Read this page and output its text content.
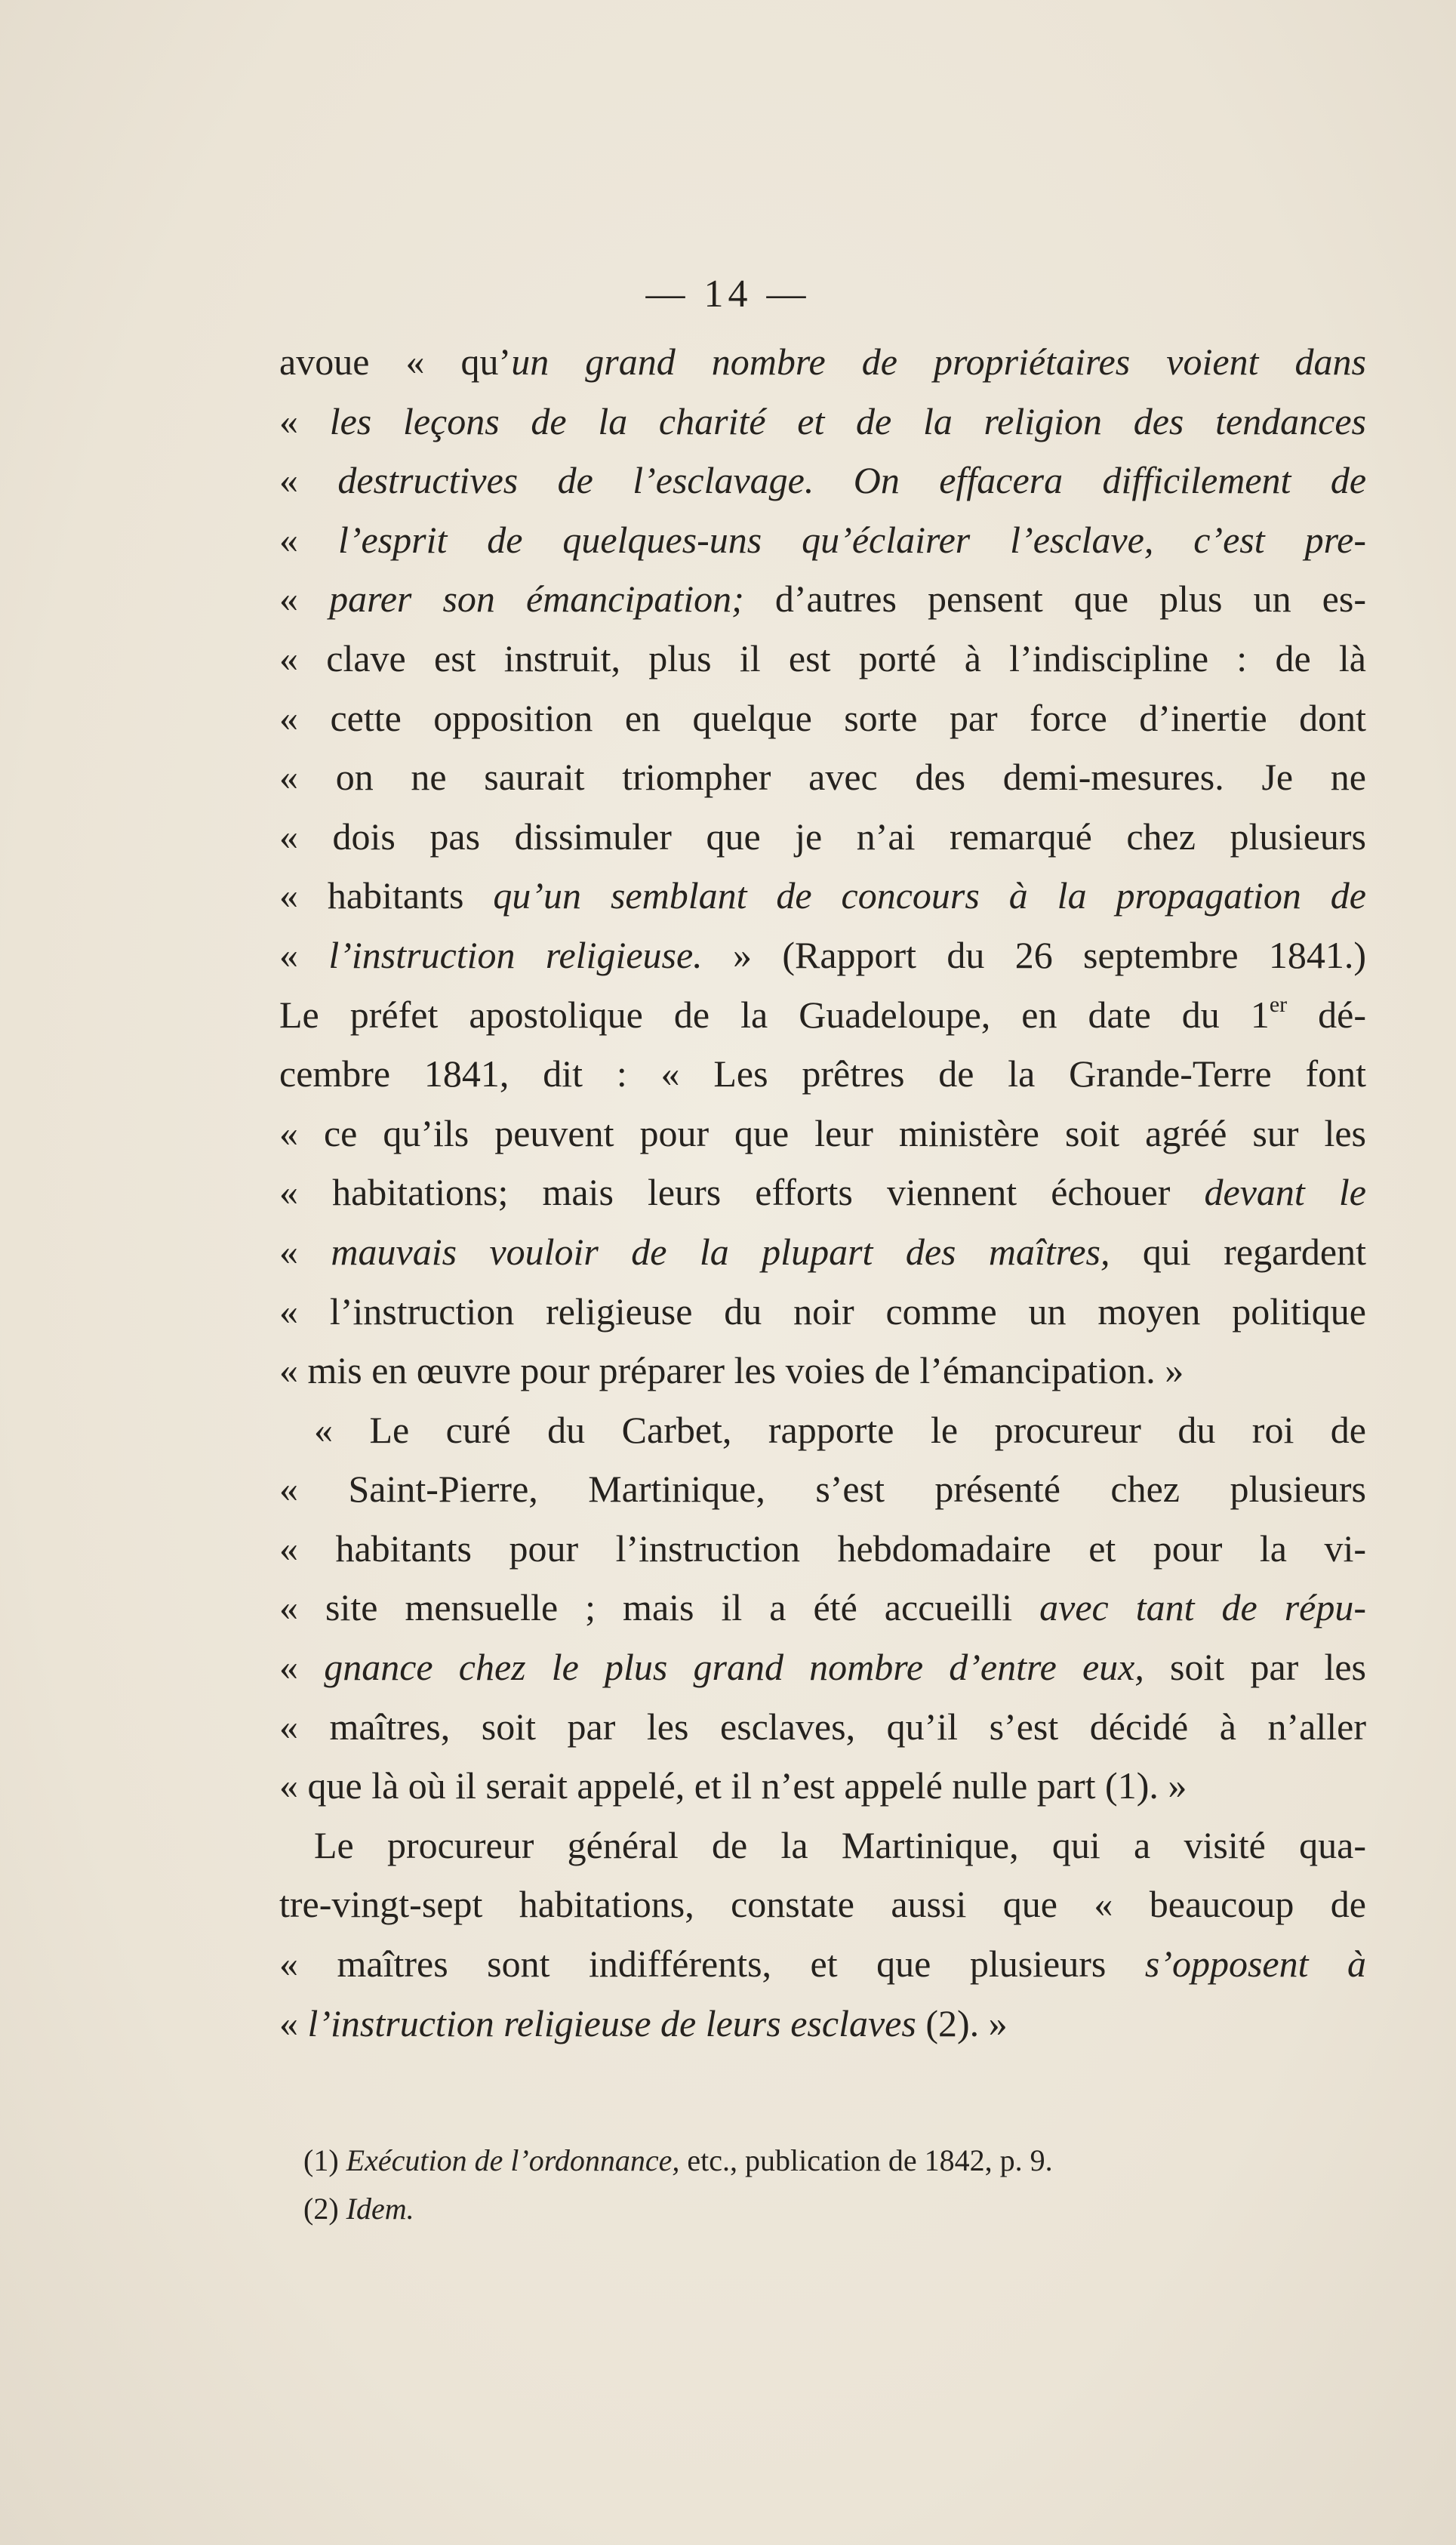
— 14 —
avoue « qu’un grand nombre de propriétaires voient dans
« les leçons de la charité et de la religion des tendances
« destructives de l’esclavage. On effacera difficilement de
« l’esprit de quelques-uns qu’éclairer l’esclave, c’est pre-
« parer son émancipation; d’autres pensent que plus un es-
« clave est instruit, plus il est porté à l’indiscipline : de là
« cette opposition en quelque sorte par force d’inertie dont
« on ne saurait triompher avec des demi-mesures. Je ne
« dois pas dissimuler que je n’ai remarqué chez plusieurs
« habitants qu’un semblant de concours à la propagation de
« l’instruction religieuse. » (Rapport du 26 septembre 1841.)
Le préfet apostolique de la Guadeloupe, en date du 1er dé-
cembre 1841, dit : « Les prêtres de la Grande-Terre font
« ce qu’ils peuvent pour que leur ministère soit agréé sur les
« habitations; mais leurs efforts viennent échouer devant le
« mauvais vouloir de la plupart des maîtres, qui regardent
« l’instruction religieuse du noir comme un moyen politique
« mis en œuvre pour préparer les voies de l’émancipation. »
« Le curé du Carbet, rapporte le procureur du roi de
« Saint-Pierre, Martinique, s’est présenté chez plusieurs
« habitants pour l’instruction hebdomadaire et pour la vi-
« site mensuelle ; mais il a été accueilli avec tant de répu-
« gnance chez le plus grand nombre d’entre eux, soit par les
« maîtres, soit par les esclaves, qu’il s’est décidé à n’aller
« que là où il serait appelé, et il n’est appelé nulle part (1). »
Le procureur général de la Martinique, qui a visité qua-
tre-vingt-sept habitations, constate aussi que « beaucoup de
« maîtres sont indifférents, et que plusieurs s’opposent à
« l’instruction religieuse de leurs esclaves (2). »
(1) Exécution de l’ordonnance, etc., publication de 1842, p. 9.
(2) Idem.
